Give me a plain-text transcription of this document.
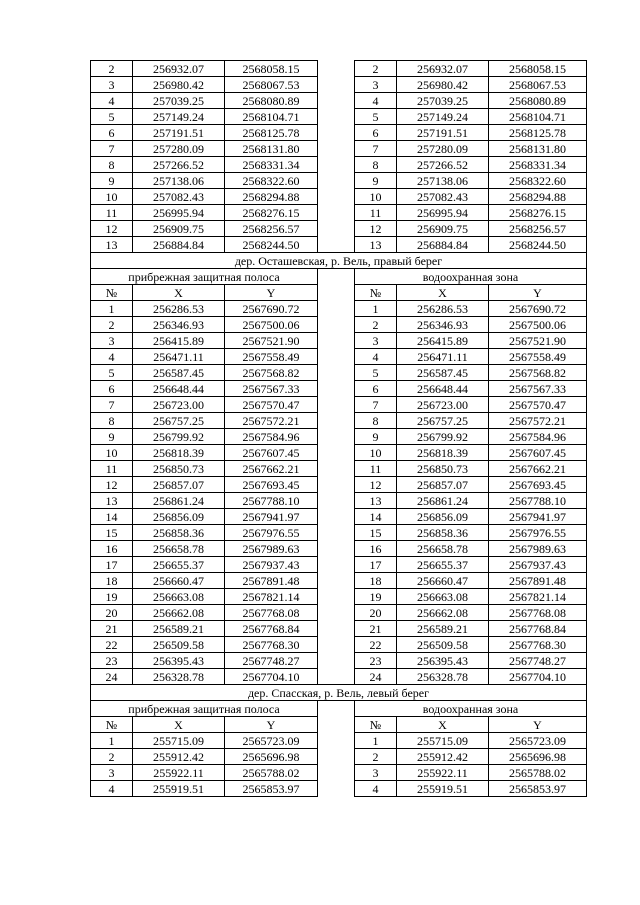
2	256932.07	2568058.15		2	256932.07	2568058.15
3	256980.42	2568067.53		3	256980.42	2568067.53
4	257039.25	2568080.89		4	257039.25	2568080.89
5	257149.24	2568104.71		5	257149.24	2568104.71
6	257191.51	2568125.78		6	257191.51	2568125.78
7	257280.09	2568131.80		7	257280.09	2568131.80
8	257266.52	2568331.34		8	257266.52	2568331.34
9	257138.06	2568322.60		9	257138.06	2568322.60
10	257082.43	2568294.88		10	257082.43	2568294.88
11	256995.94	2568276.15		11	256995.94	2568276.15
12	256909.75	2568256.57		12	256909.75	2568256.57
13	256884.84	2568244.50		13	256884.84	2568244.50
дер. Осташевская, р. Вель, правый берег						
прибрежная защитная полоса				водоохранная зона		
№	X	Y		№	X	Y
1	256286.53	2567690.72		1	256286.53	2567690.72
2	256346.93	2567500.06		2	256346.93	2567500.06
3	256415.89	2567521.90		3	256415.89	2567521.90
4	256471.11	2567558.49		4	256471.11	2567558.49
5	256587.45	2567568.82		5	256587.45	2567568.82
6	256648.44	2567567.33		6	256648.44	2567567.33
7	256723.00	2567570.47		7	256723.00	2567570.47
8	256757.25	2567572.21		8	256757.25	2567572.21
9	256799.92	2567584.96		9	256799.92	2567584.96
10	256818.39	2567607.45		10	256818.39	2567607.45
11	256850.73	2567662.21		11	256850.73	2567662.21
12	256857.07	2567693.45		12	256857.07	2567693.45
13	256861.24	2567788.10		13	256861.24	2567788.10
14	256856.09	2567941.97		14	256856.09	2567941.97
15	256858.36	2567976.55		15	256858.36	2567976.55
16	256658.78	2567989.63		16	256658.78	2567989.63
17	256655.37	2567937.43		17	256655.37	2567937.43
18	256660.47	2567891.48		18	256660.47	2567891.48
19	256663.08	2567821.14		19	256663.08	2567821.14
20	256662.08	2567768.08		20	256662.08	2567768.08
21	256589.21	2567768.84		21	256589.21	2567768.84
22	256509.58	2567768.30		22	256509.58	2567768.30
23	256395.43	2567748.27		23	256395.43	2567748.27
24	256328.78	2567704.10		24	256328.78	2567704.10
дер. Спасская, р. Вель, левый берег						
прибрежная защитная полоса				водоохранная зона		
№	X	Y		№	X	Y
1	255715.09	2565723.09		1	255715.09	2565723.09
2	255912.42	2565696.98		2	255912.42	2565696.98
3	255922.11	2565788.02		3	255922.11	2565788.02
4	255919.51	2565853.97		4	255919.51	2565853.97
